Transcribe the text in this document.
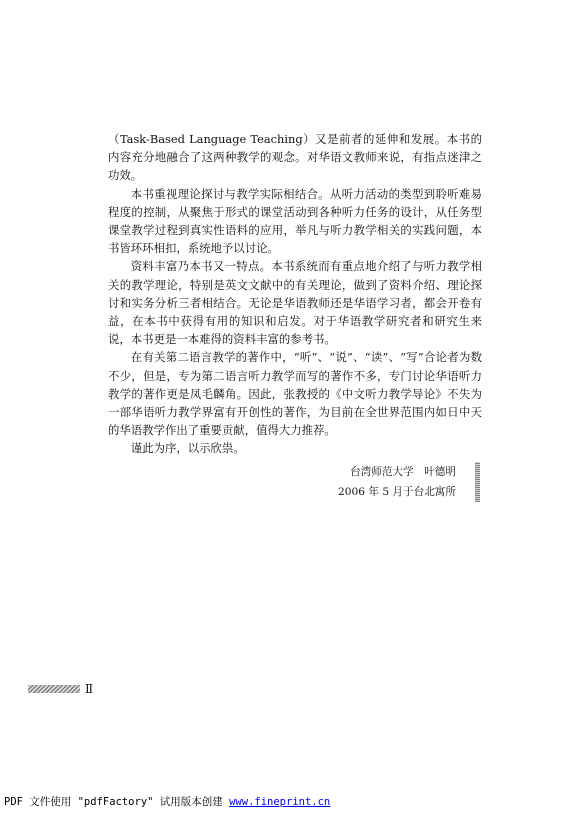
（Task-Based Language Teaching）又是前者的延伸和发展。本书的内容充分地融合了这两种教学的观念。对华语文教师来说，有指点迷津之功效。

本书重视理论探讨与教学实际相结合。从听力活动的类型到聆听难易程度的控制，从聚焦于形式的课堂活动到各种听力任务的设计，从任务型课堂教学过程到真实性语料的应用，举凡与听力教学相关的实践问题，本书皆环环相扣，系统地予以讨论。

资料丰富乃本书又一特点。本书系统而有重点地介绍了与听力教学相关的教学理论，特别是英文文献中的有关理论，做到了资料介绍、理论探讨和实务分析三者相结合。无论是华语教师还是华语学习者，都会开卷有益，在本书中获得有用的知识和启发。对于华语教学研究者和研究生来说，本书更是一本难得的资料丰富的参考书。

在有关第二语言教学的著作中，“听”、“说”、“读”、“写”合论者为数不少，但是，专为第二语言听力教学而写的著作不多，专门讨论华语听力教学的著作更是凤毛麟角。因此，张教授的《中文听力教学导论》不失为一部华语听力教学界富有开创性的著作，为目前在全世界范围内如日中天的华语教学作出了重要贡献，值得大力推荐。

谨此为序，以示欣祟。

台湾师范大学　叶德明
2006 年 5 月于台北寓所
Ⅱ
PDF 文件使用 "pdfFactory" 试用版本创建 www.fineprint.cn
